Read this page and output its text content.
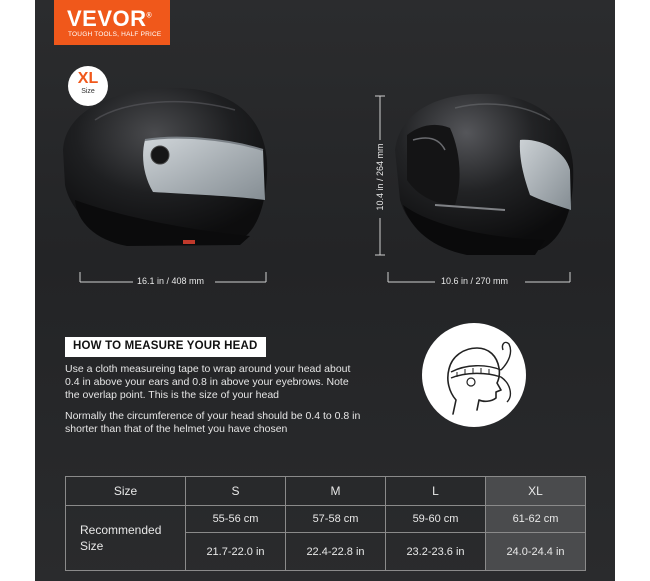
VEVOR®
TOUGH TOOLS, HALF PRICE
XL
Size
16.1 in / 408 mm	10.6 in / 270 mm
10.4 in / 264 mm
HOW TO MEASURE YOUR HEAD

Use a cloth measureing tape to wrap around your head about
0.4 in above your ears and 0.8 in above your eyebrows. Note
the overlap point. This is the size of your head

Normally the circumference of your head should be 0.4 to 0.8 in
shorter than that of the helmet you have chosen

Size	S	M	L	XL
Recommended
Size	55-56 cm	57-58 cm	59-60 cm	61-62 cm
	21.7-22.0 in	22.4-22.8 in	23.2-23.6 in	24.0-24.4 in
